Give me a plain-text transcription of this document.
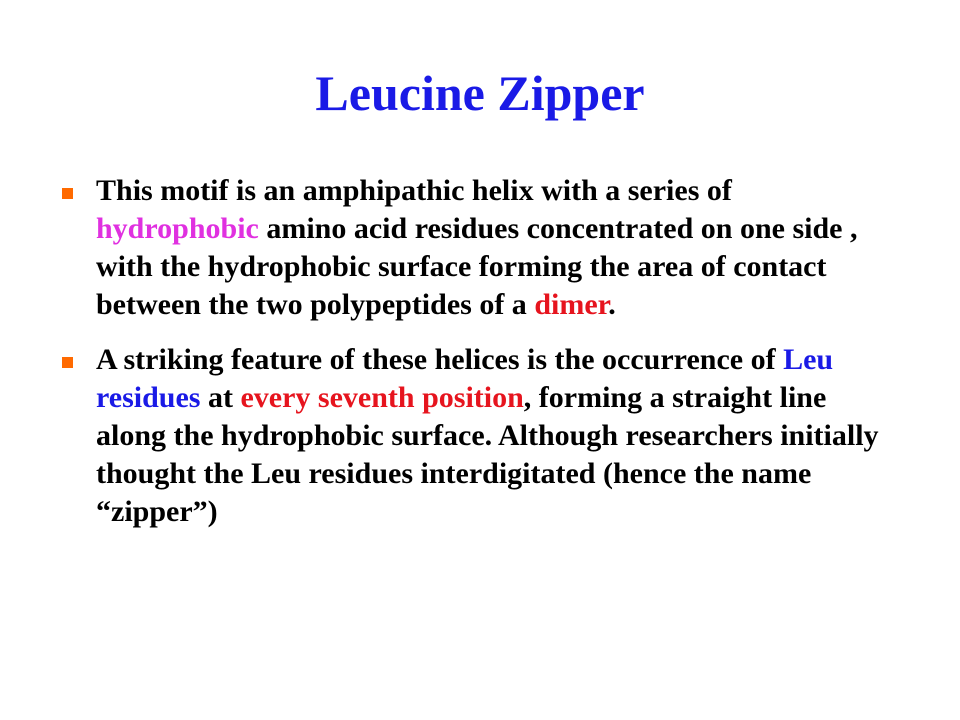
Leucine Zipper
This motif is an amphipathic helix with a series of hydrophobic amino acid residues concentrated on one side , with the hydrophobic surface forming the area of contact between the two polypeptides of a dimer.
A striking feature of these helices is the occurrence of Leu residues at every seventh position, forming a straight line along the hydrophobic surface. Although researchers initially thought the Leu residues interdigitated (hence the name “zipper”)
